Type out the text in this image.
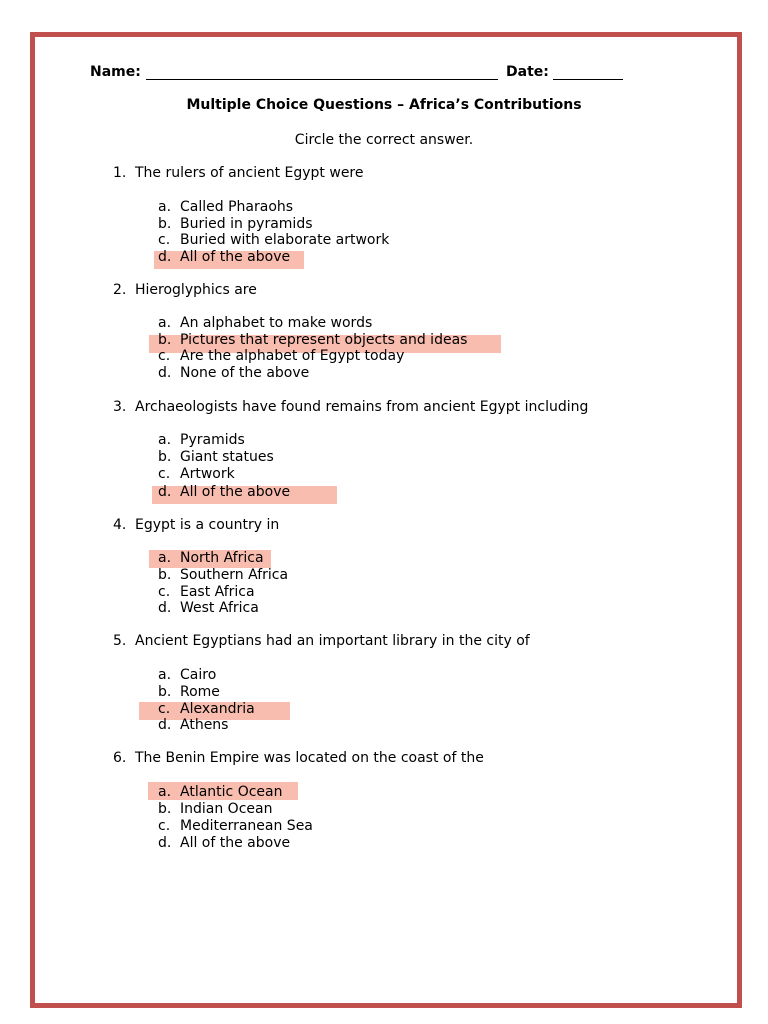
Name:	Date:
Multiple Choice Questions – Africa’s Contributions
Circle the correct answer.
1. The rulers of ancient Egypt were
a. Called Pharaohs
b. Buried in pyramids
c. Buried with elaborate artwork
d. All of the above
2. Hieroglyphics are
a. An alphabet to make words
b. Pictures that represent objects and ideas
c. Are the alphabet of Egypt today
d. None of the above
3. Archaeologists have found remains from ancient Egypt including
a. Pyramids
b. Giant statues
c. Artwork
d. All of the above
4. Egypt is a country in
a. North Africa
b. Southern Africa
c. East Africa
d. West Africa
5. Ancient Egyptians had an important library in the city of
a. Cairo
b. Rome
c. Alexandria
d. Athens
6. The Benin Empire was located on the coast of the
a. Atlantic Ocean
b. Indian Ocean
c. Mediterranean Sea
d. All of the above
